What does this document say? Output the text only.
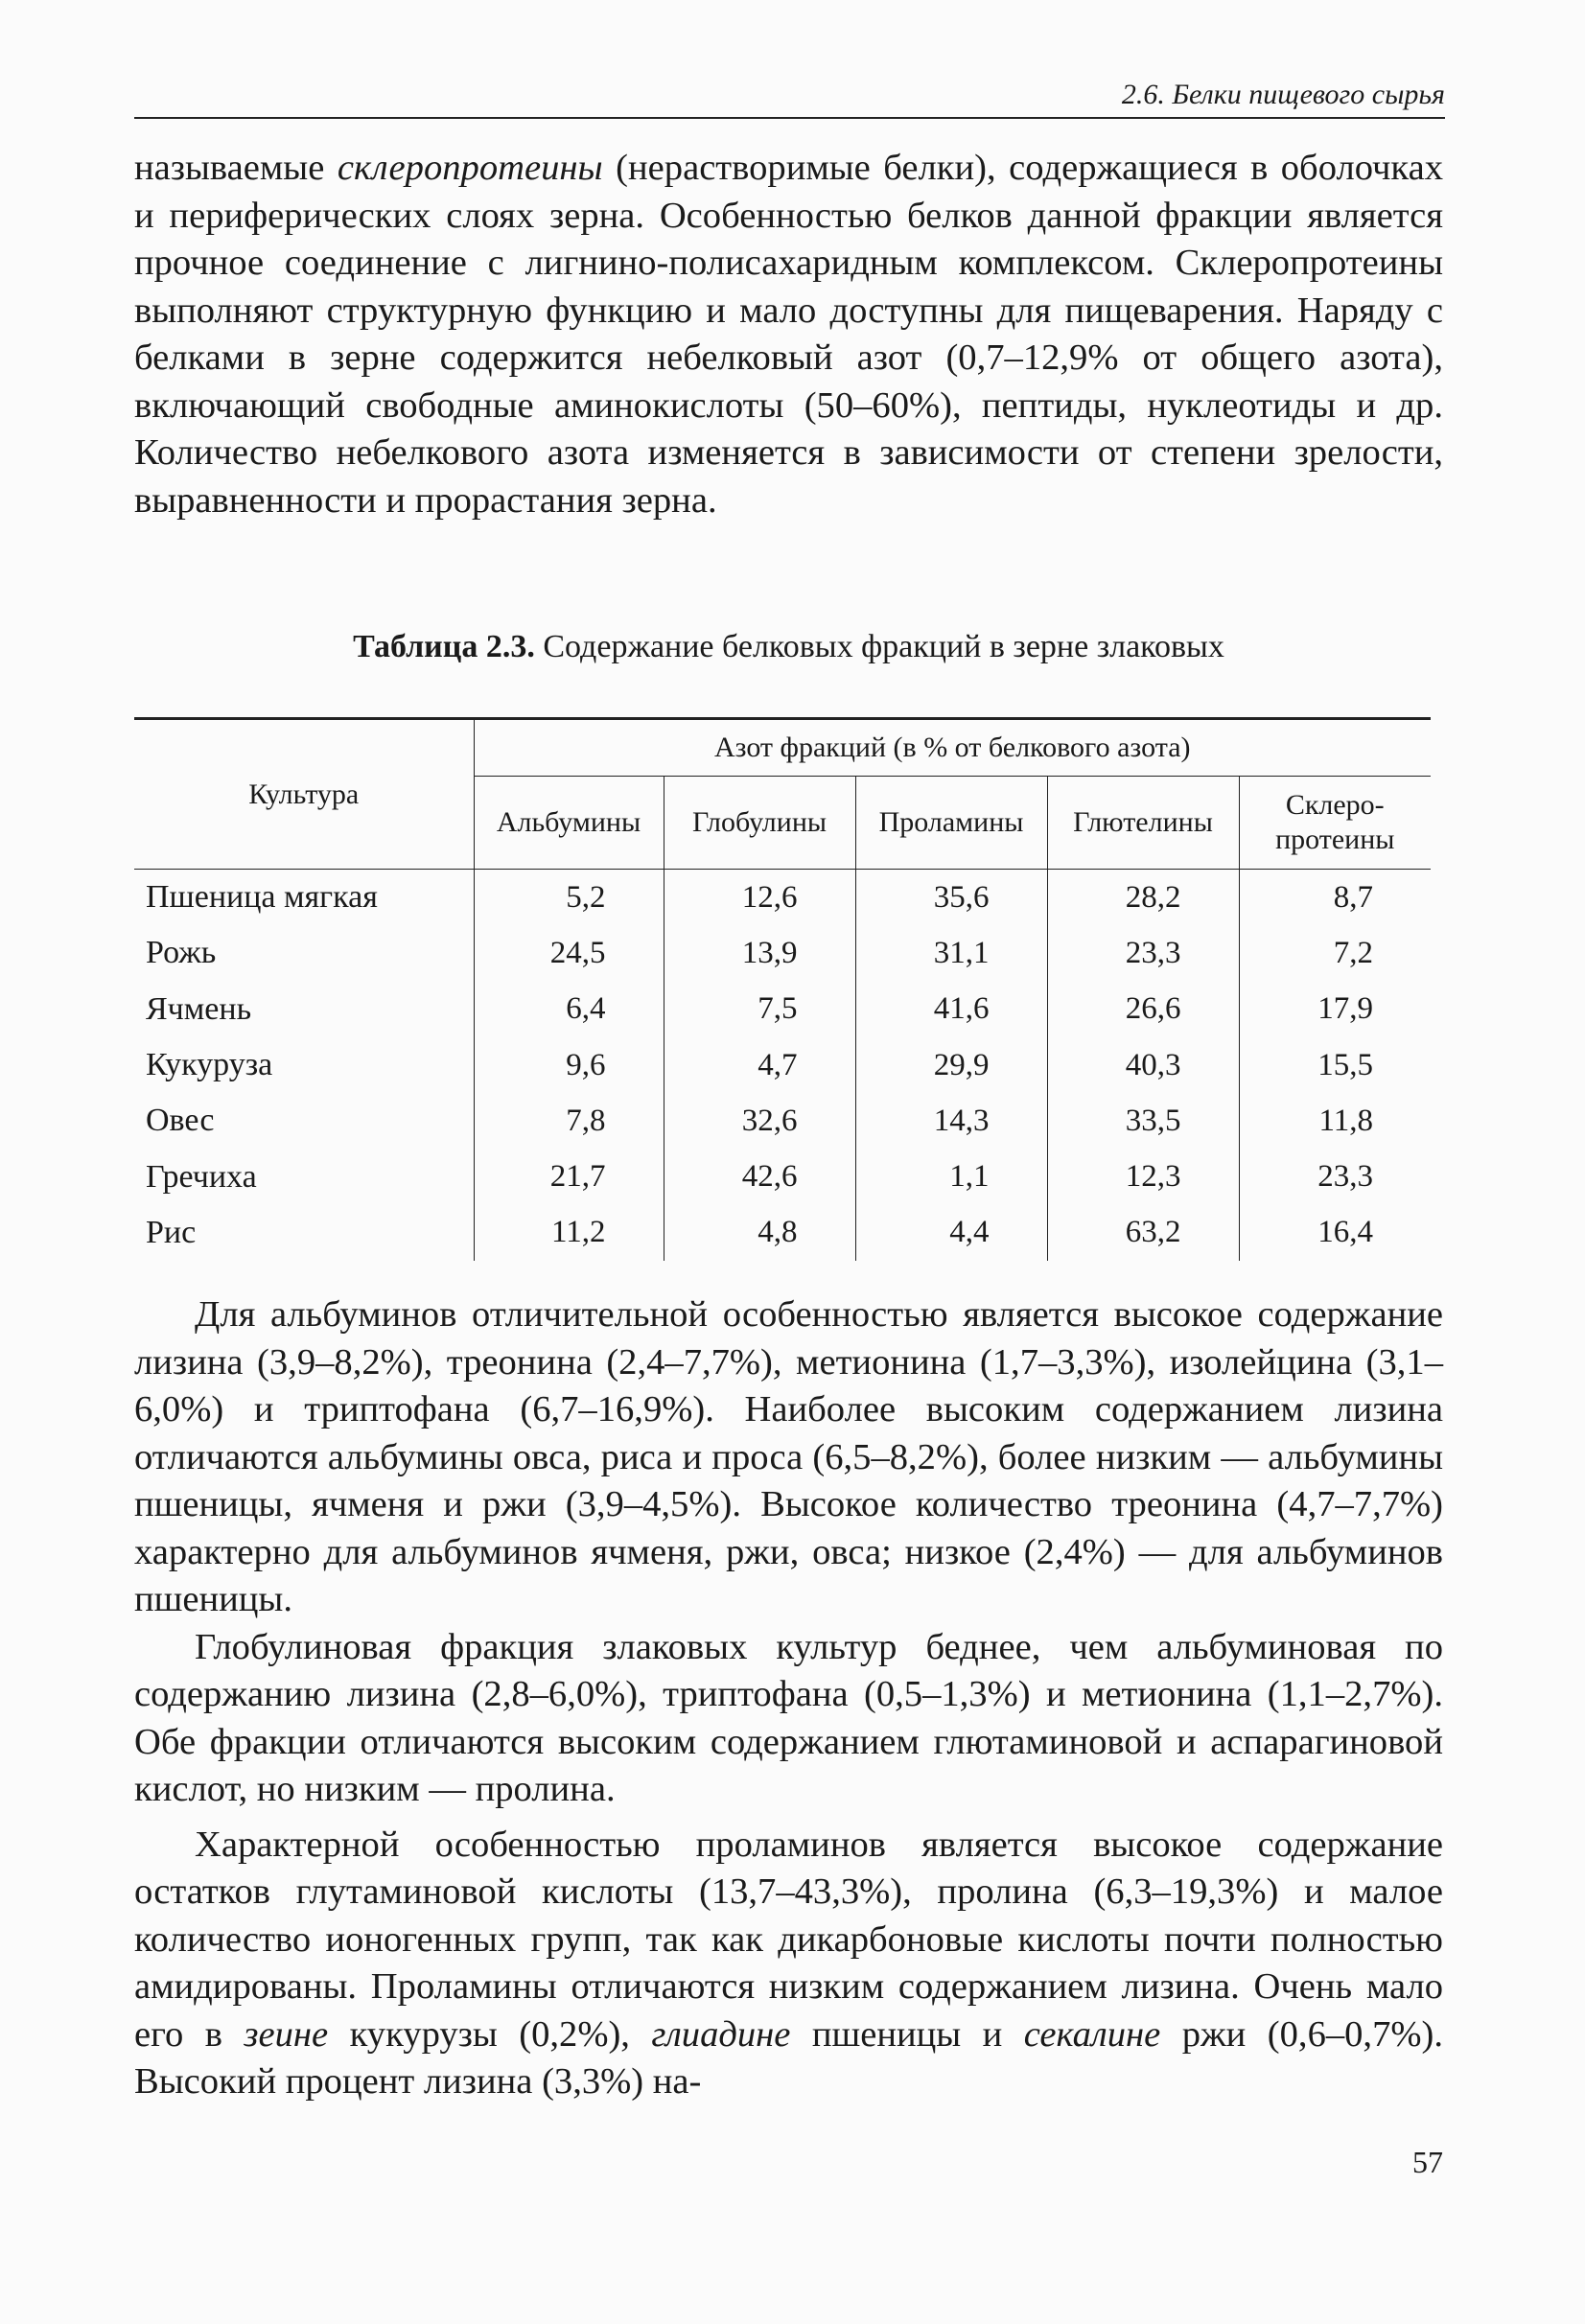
2.6. Белки пищевого сырья

называемые склеропротеины (нерастворимые белки), содержащиеся в оболочках и периферических слоях зерна. Особенностью белков данной фракции является прочное соединение с лигнино-полисахаридным комплексом. Склеропротеины выполняют структурную функцию и мало доступны для пищеварения. Наряду с белками в зерне содержится небелковый азот (0,7–12,9% от общего азота), включающий свободные аминокислоты (50–60%), пептиды, нуклеотиды и др. Количество небелкового азота изменяется в зависимости от степени зрелости, выравненности и прорастания зерна.

Таблица 2.3. Содержание белковых фракций в зерне злаковых
Культура	Азот фракций (в % от белкового азота)				
	Альбумины	Глобулины	Проламины	Глютелины	Склеро-протеины
Пшеница мягкая	5,2	12,6	35,6	28,2	8,7
Рожь	24,5	13,9	31,1	23,3	7,2
Ячмень	6,4	7,5	41,6	26,6	17,9
Кукуруза	9,6	4,7	29,9	40,3	15,5
Овес	7,8	32,6	14,3	33,5	11,8
Гречиха	21,7	42,6	1,1	12,3	23,3
Рис	11,2	4,8	4,4	63,2	16,4

Для альбуминов отличительной особенностью является высокое содержание лизина (3,9–8,2%), треонина (2,4–7,7%), метионина (1,7–3,3%), изолейцина (3,1–6,0%) и триптофана (6,7–16,9%). Наиболее высоким содержанием лизина отличаются альбумины овса, риса и проса (6,5–8,2%), более низким — альбумины пшеницы, ячменя и ржи (3,9–4,5%). Высокое количество треонина (4,7–7,7%) характерно для альбуминов ячменя, ржи, овса; низкое (2,4%) — для альбуминов пшеницы.

Глобулиновая фракция злаковых культур беднее, чем альбуминовая по содержанию лизина (2,8–6,0%), триптофана (0,5–1,3%) и метионина (1,1–2,7%). Обе фракции отличаются высоким содержанием глютаминовой и аспарагиновой кислот, но низким — пролина.

Характерной особенностью проламинов является высокое содержание остатков глутаминовой кислоты (13,7–43,3%), пролина (6,3–19,3%) и малое количество ионогенных групп, так как дикарбоновые кислоты почти полностью амидированы. Проламины отличаются низким содержанием лизина. Очень мало его в зеине кукурузы (0,2%), глиадине пшеницы и секалине ржи (0,6–0,7%). Высокий процент лизина (3,3%) на-

57
